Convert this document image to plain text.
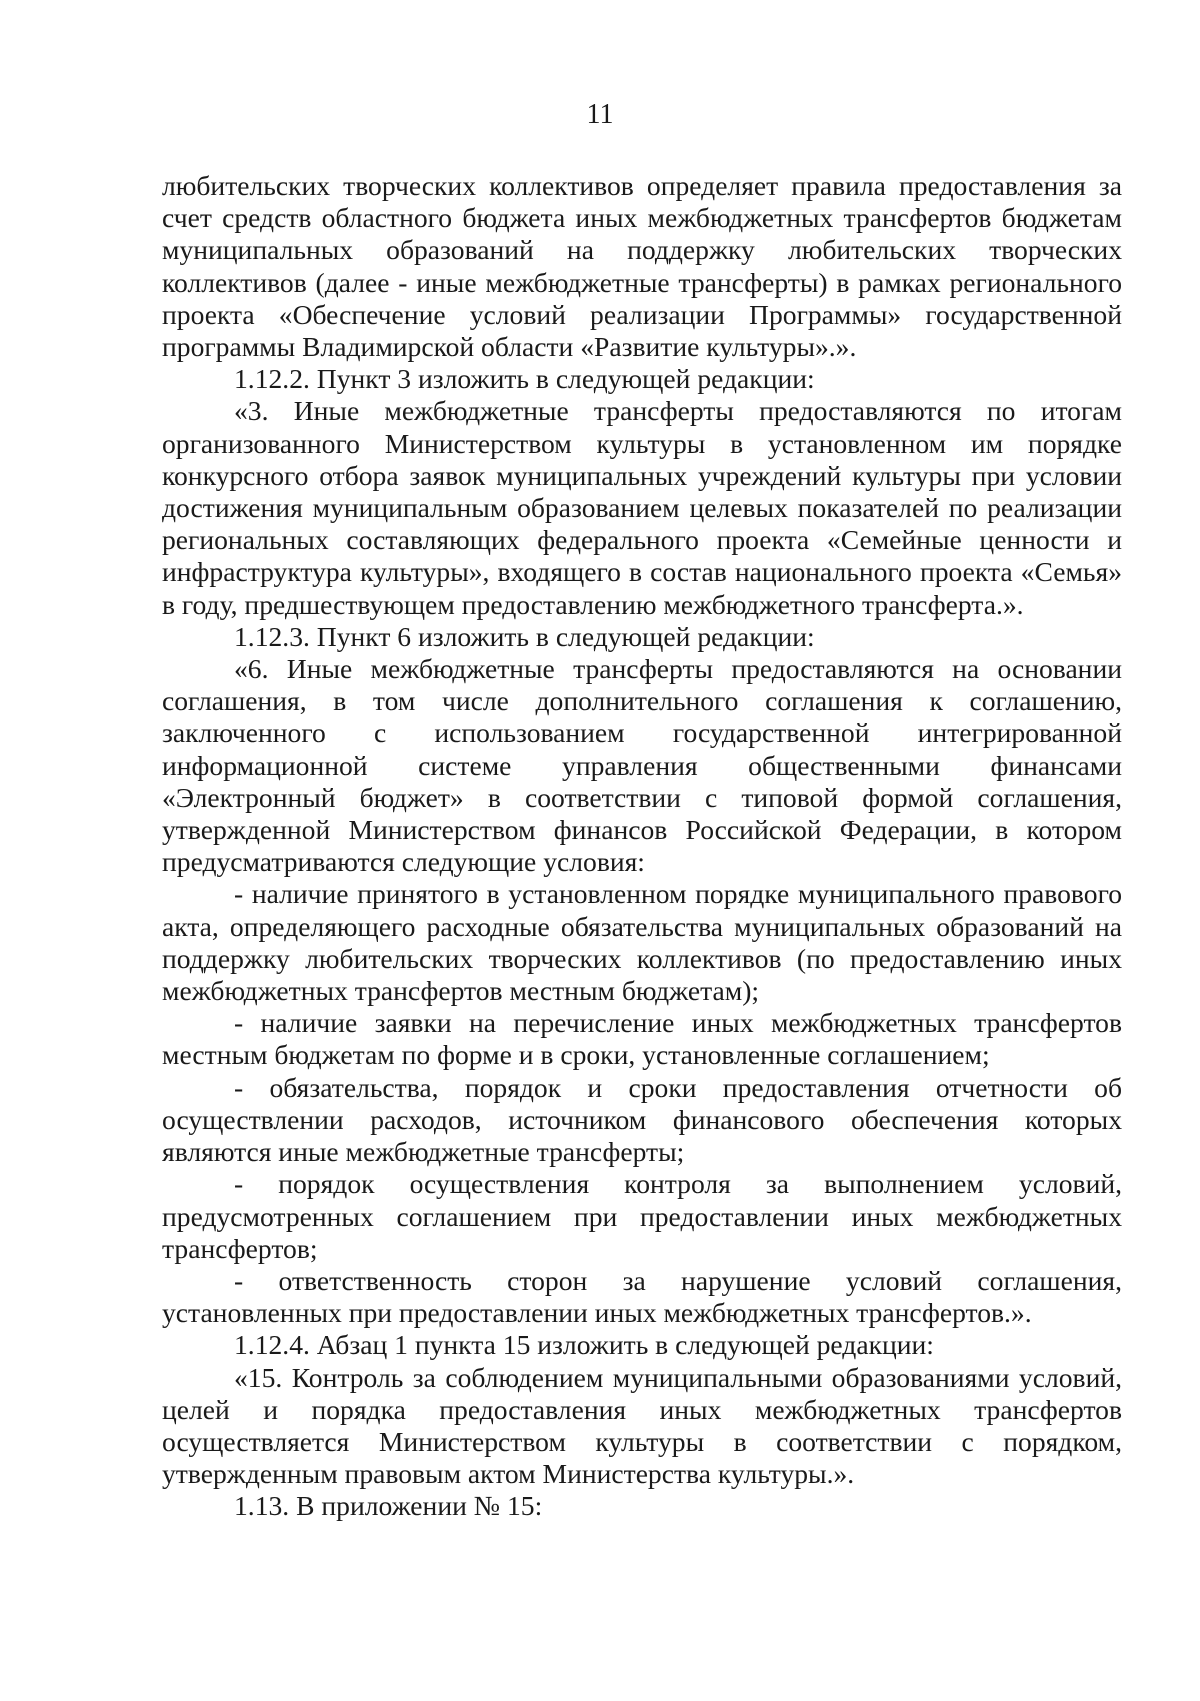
11

любительских творческих коллективов определяет правила предоставления за счет средств областного бюджета иных межбюджетных трансфертов бюджетам муниципальных образований на поддержку любительских творческих коллективов (далее - иные межбюджетные трансферты) в рамках регионального проекта «Обеспечение условий реализации Программы» государственной программы Владимирской области «Развитие культуры».».

1.12.2. Пункт 3 изложить в следующей редакции:

«3. Иные межбюджетные трансферты предоставляются по итогам организованного Министерством культуры в установленном им порядке конкурсного отбора заявок муниципальных учреждений культуры при условии достижения муниципальным образованием целевых показателей по реализации региональных составляющих федерального проекта «Семейные ценности и инфраструктура культуры», входящего в состав национального проекта «Семья» в году, предшествующем предоставлению межбюджетного трансферта.».

1.12.3. Пункт 6 изложить в следующей редакции:

«6. Иные межбюджетные трансферты предоставляются на основании соглашения, в том числе дополнительного соглашения к соглашению, заключенного с использованием государственной интегрированной информационной системе управления общественными финансами «Электронный бюджет» в соответствии с типовой формой соглашения, утвержденной Министерством финансов Российской Федерации, в котором предусматриваются следующие условия:

- наличие принятого в установленном порядке муниципального правового акта, определяющего расходные обязательства муниципальных образований на поддержку любительских творческих коллективов (по предоставлению иных межбюджетных трансфертов местным бюджетам);

- наличие заявки на перечисление иных межбюджетных трансфертов местным бюджетам по форме и в сроки, установленные соглашением;

- обязательства, порядок и сроки предоставления отчетности об осуществлении расходов, источником финансового обеспечения которых являются иные межбюджетные трансферты;

- порядок осуществления контроля за выполнением условий, предусмотренных соглашением при предоставлении иных межбюджетных трансфертов;

- ответственность сторон за нарушение условий соглашения, установленных при предоставлении иных межбюджетных трансфертов.».

1.12.4. Абзац 1 пункта 15 изложить в следующей редакции:

«15. Контроль за соблюдением муниципальными образованиями условий, целей и порядка предоставления иных межбюджетных трансфертов осуществляется Министерством культуры в соответствии с порядком, утвержденным правовым актом Министерства культуры.».

1.13. В приложении № 15:
